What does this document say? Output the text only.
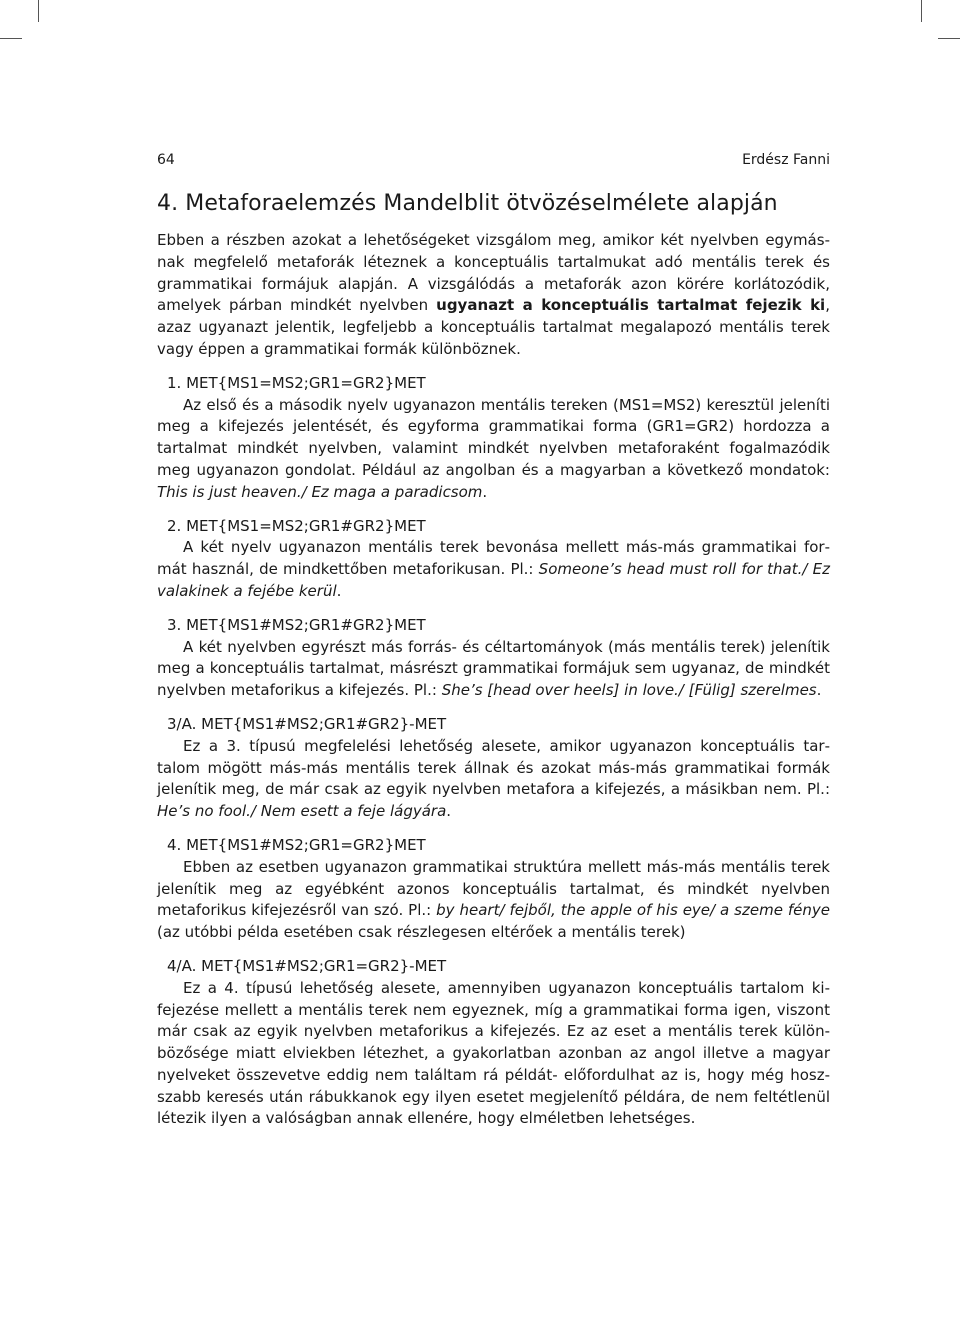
64	Erdész Fanni
4. Metaforaelemzés Mandelblit ötvözéselmélete alapján

Ebben a részben azokat a lehetőségeket vizsgálom meg, amikor két nyelvben egymásnak megfelelő metaforák léteznek a konceptuális tartalmukat adó mentális terek és grammatikai formájuk alapján. A vizsgálódás a metaforák azon körére korlátozódik, amelyek párban mindkét nyelvben ugyanazt a konceptuális tartalmat fejezik ki, azaz ugyanazt jelentik, legfeljebb a konceptuális tartalmat megalapozó mentális terek vagy éppen a grammatikai formák különböznek.

1. MET{MS1=MS2;GR1=GR2}MET

Az első és a második nyelv ugyanazon mentális tereken (MS1=MS2) keresztül jeleníti meg a kifejezés jelentését, és egyforma grammatikai forma (GR1=GR2) hordozza a tartalmat mindkét nyelvben, valamint mindkét nyelvben metaforaként fogalmazódik meg ugyanazon gondolat. Például az angolban és a magyarban a következő mondatok: This is just heaven./ Ez maga a paradicsom.

2. MET{MS1=MS2;GR1#GR2}MET

A két nyelv ugyanazon mentális terek bevonása mellett más-más grammatikai formát használ, de mindkettőben metaforikusan. Pl.: Someone’s head must roll for that./ Ez valakinek a fejébe kerül.

3. MET{MS1#MS2;GR1#GR2}MET

A két nyelvben egyrészt más forrás- és céltartományok (más mentális terek) jelenítik meg a konceptuális tartalmat, másrészt grammatikai formájuk sem ugyanaz, de mindkét nyelvben metaforikus a kifejezés. Pl.: She’s [head over heels] in love./ [Fülig] szerelmes.

3/A. MET{MS1#MS2;GR1#GR2}-MET

Ez a 3. típusú megfelelési lehetőség alesete, amikor ugyanazon konceptuális tartalom mögött más-más mentális terek állnak és azokat más-más grammatikai formák jelenítik meg, de már csak az egyik nyelvben metafora a kifejezés, a másikban nem. Pl.: He’s no fool./ Nem esett a feje lágyára.

4. MET{MS1#MS2;GR1=GR2}MET

Ebben az esetben ugyanazon grammatikai struktúra mellett más-más mentális terek jelenítik meg az egyébként azonos konceptuális tartalmat, és mindkét nyelvben metaforikus kifejezésről van szó. Pl.: by heart/ fejből, the apple of his eye/ a szeme fénye (az utóbbi példa esetében csak részlegesen eltérőek a mentális terek)

4/A. MET{MS1#MS2;GR1=GR2}-MET

Ez a 4. típusú lehetőség alesete, amennyiben ugyanazon konceptuális tartalom kifejezése mellett a mentális terek nem egyeznek, míg a grammatikai forma igen, viszont már csak az egyik nyelvben metaforikus a kifejezés. Ez az eset a mentális terek különbözősége miatt elviekben létezhet, a gyakorlatban azonban az angol illetve a magyar nyelveket összevetve eddig nem találtam rá példát- előfordulhat az is, hogy még hoszszabb keresés után rábukkanok egy ilyen esetet megjelenítő példára, de nem feltétlenül létezik ilyen a valóságban annak ellenére, hogy elméletben lehetséges.
